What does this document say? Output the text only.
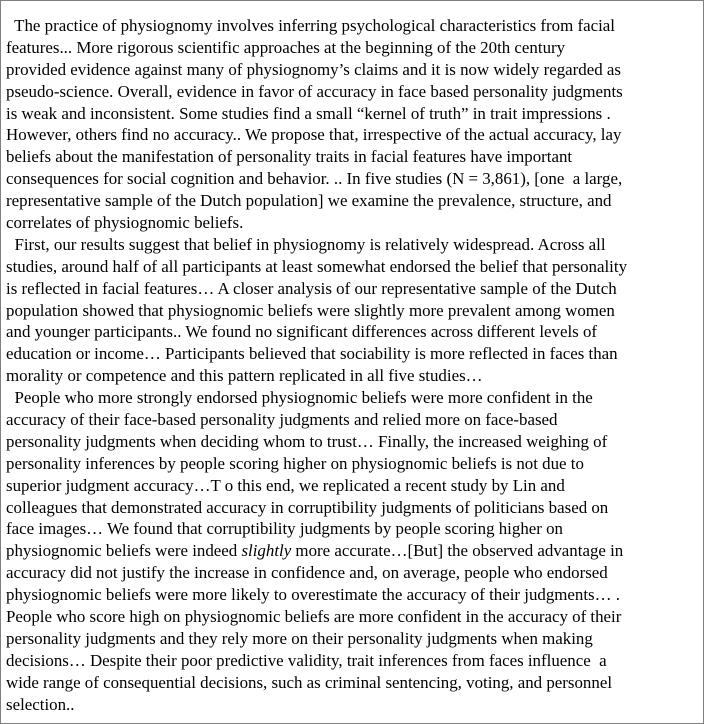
The practice of physiognomy involves inferring psychological characteristics from facial
features... More rigorous scientific approaches at the beginning of the 20th century
provided evidence against many of physiognomy’s claims and it is now widely regarded as
pseudo-science. Overall, evidence in favor of accuracy in face based personality judgments
is weak and inconsistent. Some studies find a small “kernel of truth” in trait impressions .
However, others find no accuracy.. We propose that, irrespective of the actual accuracy, lay
beliefs about the manifestation of personality traits in facial features have important
consequences for social cognition and behavior. .. In five studies (N = 3,861), [one  a large,
representative sample of the Dutch population] we examine the prevalence, structure, and
correlates of physiognomic beliefs.
First, our results suggest that belief in physiognomy is relatively widespread. Across all
studies, around half of all participants at least somewhat endorsed the belief that personality
is reflected in facial features… A closer analysis of our representative sample of the Dutch
population showed that physiognomic beliefs were slightly more prevalent among women
and younger participants.. We found no significant differences across different levels of
education or income… Participants believed that sociability is more reflected in faces than
morality or competence and this pattern replicated in all five studies…
People who more strongly endorsed physiognomic beliefs were more confident in the
accuracy of their face-based personality judgments and relied more on face-based
personality judgments when deciding whom to trust… Finally, the increased weighing of
personality inferences by people scoring higher on physiognomic beliefs is not due to
superior judgment accuracy…T o this end, we replicated a recent study by Lin and
colleagues that demonstrated accuracy in corruptibility judgments of politicians based on
face images… We found that corruptibility judgments by people scoring higher on
physiognomic beliefs were indeed slightly more accurate…[But] the observed advantage in
accuracy did not justify the increase in confidence and, on average, people who endorsed
physiognomic beliefs were more likely to overestimate the accuracy of their judgments… .
People who score high on physiognomic beliefs are more confident in the accuracy of their
personality judgments and they rely more on their personality judgments when making
decisions… Despite their poor predictive validity, trait inferences from faces influence  a
wide range of consequential decisions, such as criminal sentencing, voting, and personnel
selection..
